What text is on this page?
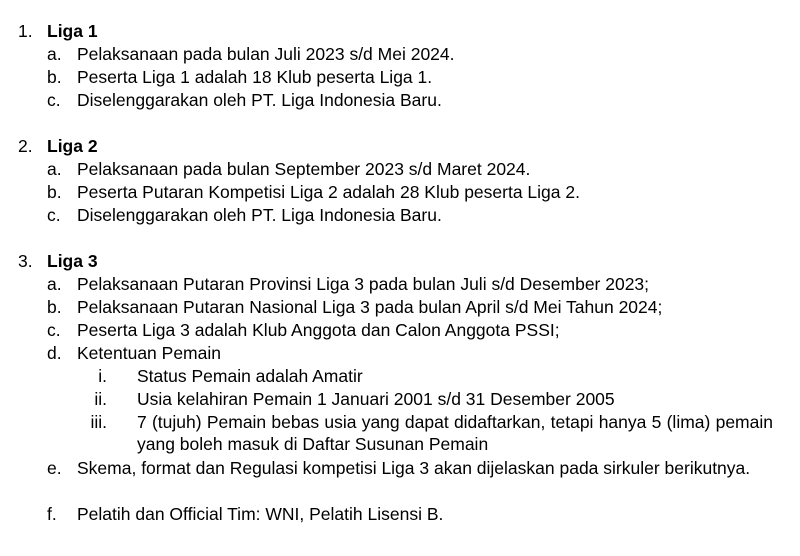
1. Liga 1
a. Pelaksanaan pada bulan Juli 2023 s/d Mei 2024.
b. Peserta Liga 1 adalah 18 Klub peserta Liga 1.
c. Diselenggarakan oleh PT. Liga Indonesia Baru.
2. Liga 2
a. Pelaksanaan pada bulan September 2023 s/d Maret 2024.
b. Peserta Putaran Kompetisi Liga 2 adalah 28 Klub peserta Liga 2.
c. Diselenggarakan oleh PT. Liga Indonesia Baru.
3. Liga 3
a. Pelaksanaan Putaran Provinsi Liga 3 pada bulan Juli s/d Desember 2023;
b. Pelaksanaan Putaran Nasional Liga 3 pada bulan April s/d Mei Tahun 2024;
c. Peserta Liga 3 adalah Klub Anggota dan Calon Anggota PSSI;
d. Ketentuan Pemain
i. Status Pemain adalah Amatir
ii. Usia kelahiran Pemain 1 Januari 2001 s/d 31 Desember 2005
iii. 7 (tujuh) Pemain bebas usia yang dapat didaftarkan, tetapi hanya 5 (lima) pemain yang boleh masuk di Daftar Susunan Pemain
e. Skema, format dan Regulasi kompetisi Liga 3 akan dijelaskan pada sirkuler berikutnya.
f. Pelatih dan Official Tim: WNI, Pelatih Lisensi B.
